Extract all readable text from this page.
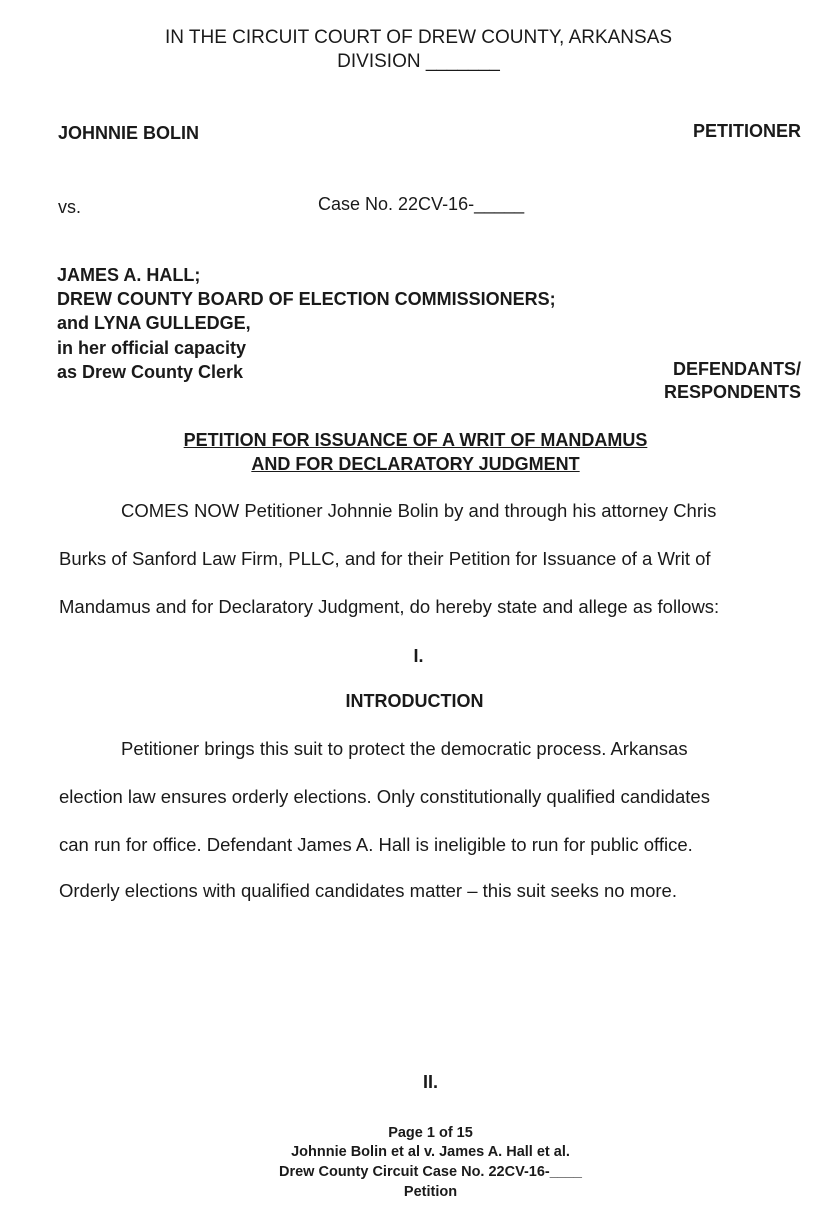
IN THE CIRCUIT COURT OF DREW COUNTY, ARKANSAS
DIVISION _______
JOHNNIE BOLIN	PETITIONER
vs.	Case No. 22CV-16-_____
JAMES A. HALL;
DREW COUNTY BOARD OF ELECTION COMMISSIONERS;
and LYNA GULLEDGE,
in her official capacity
as Drew County Clerk	DEFENDANTS/
RESPONDENTS
PETITION FOR ISSUANCE OF A WRIT OF MANDAMUS
AND FOR DECLARATORY JUDGMENT
COMES NOW Petitioner Johnnie Bolin by and through his attorney Chris
Burks of Sanford Law Firm, PLLC, and for their Petition for Issuance of a Writ of
Mandamus and for Declaratory Judgment, do hereby state and allege as follows:
I.
INTRODUCTION
Petitioner brings this suit to protect the democratic process. Arkansas
election law ensures orderly elections. Only constitutionally qualified candidates
can run for office. Defendant James A. Hall is ineligible to run for public office.
Orderly elections with qualified candidates matter – this suit seeks no more.
II.
Page 1 of 15
Johnnie Bolin et al v. James A. Hall et al.
Drew County Circuit Case No. 22CV-16-____
Petition
